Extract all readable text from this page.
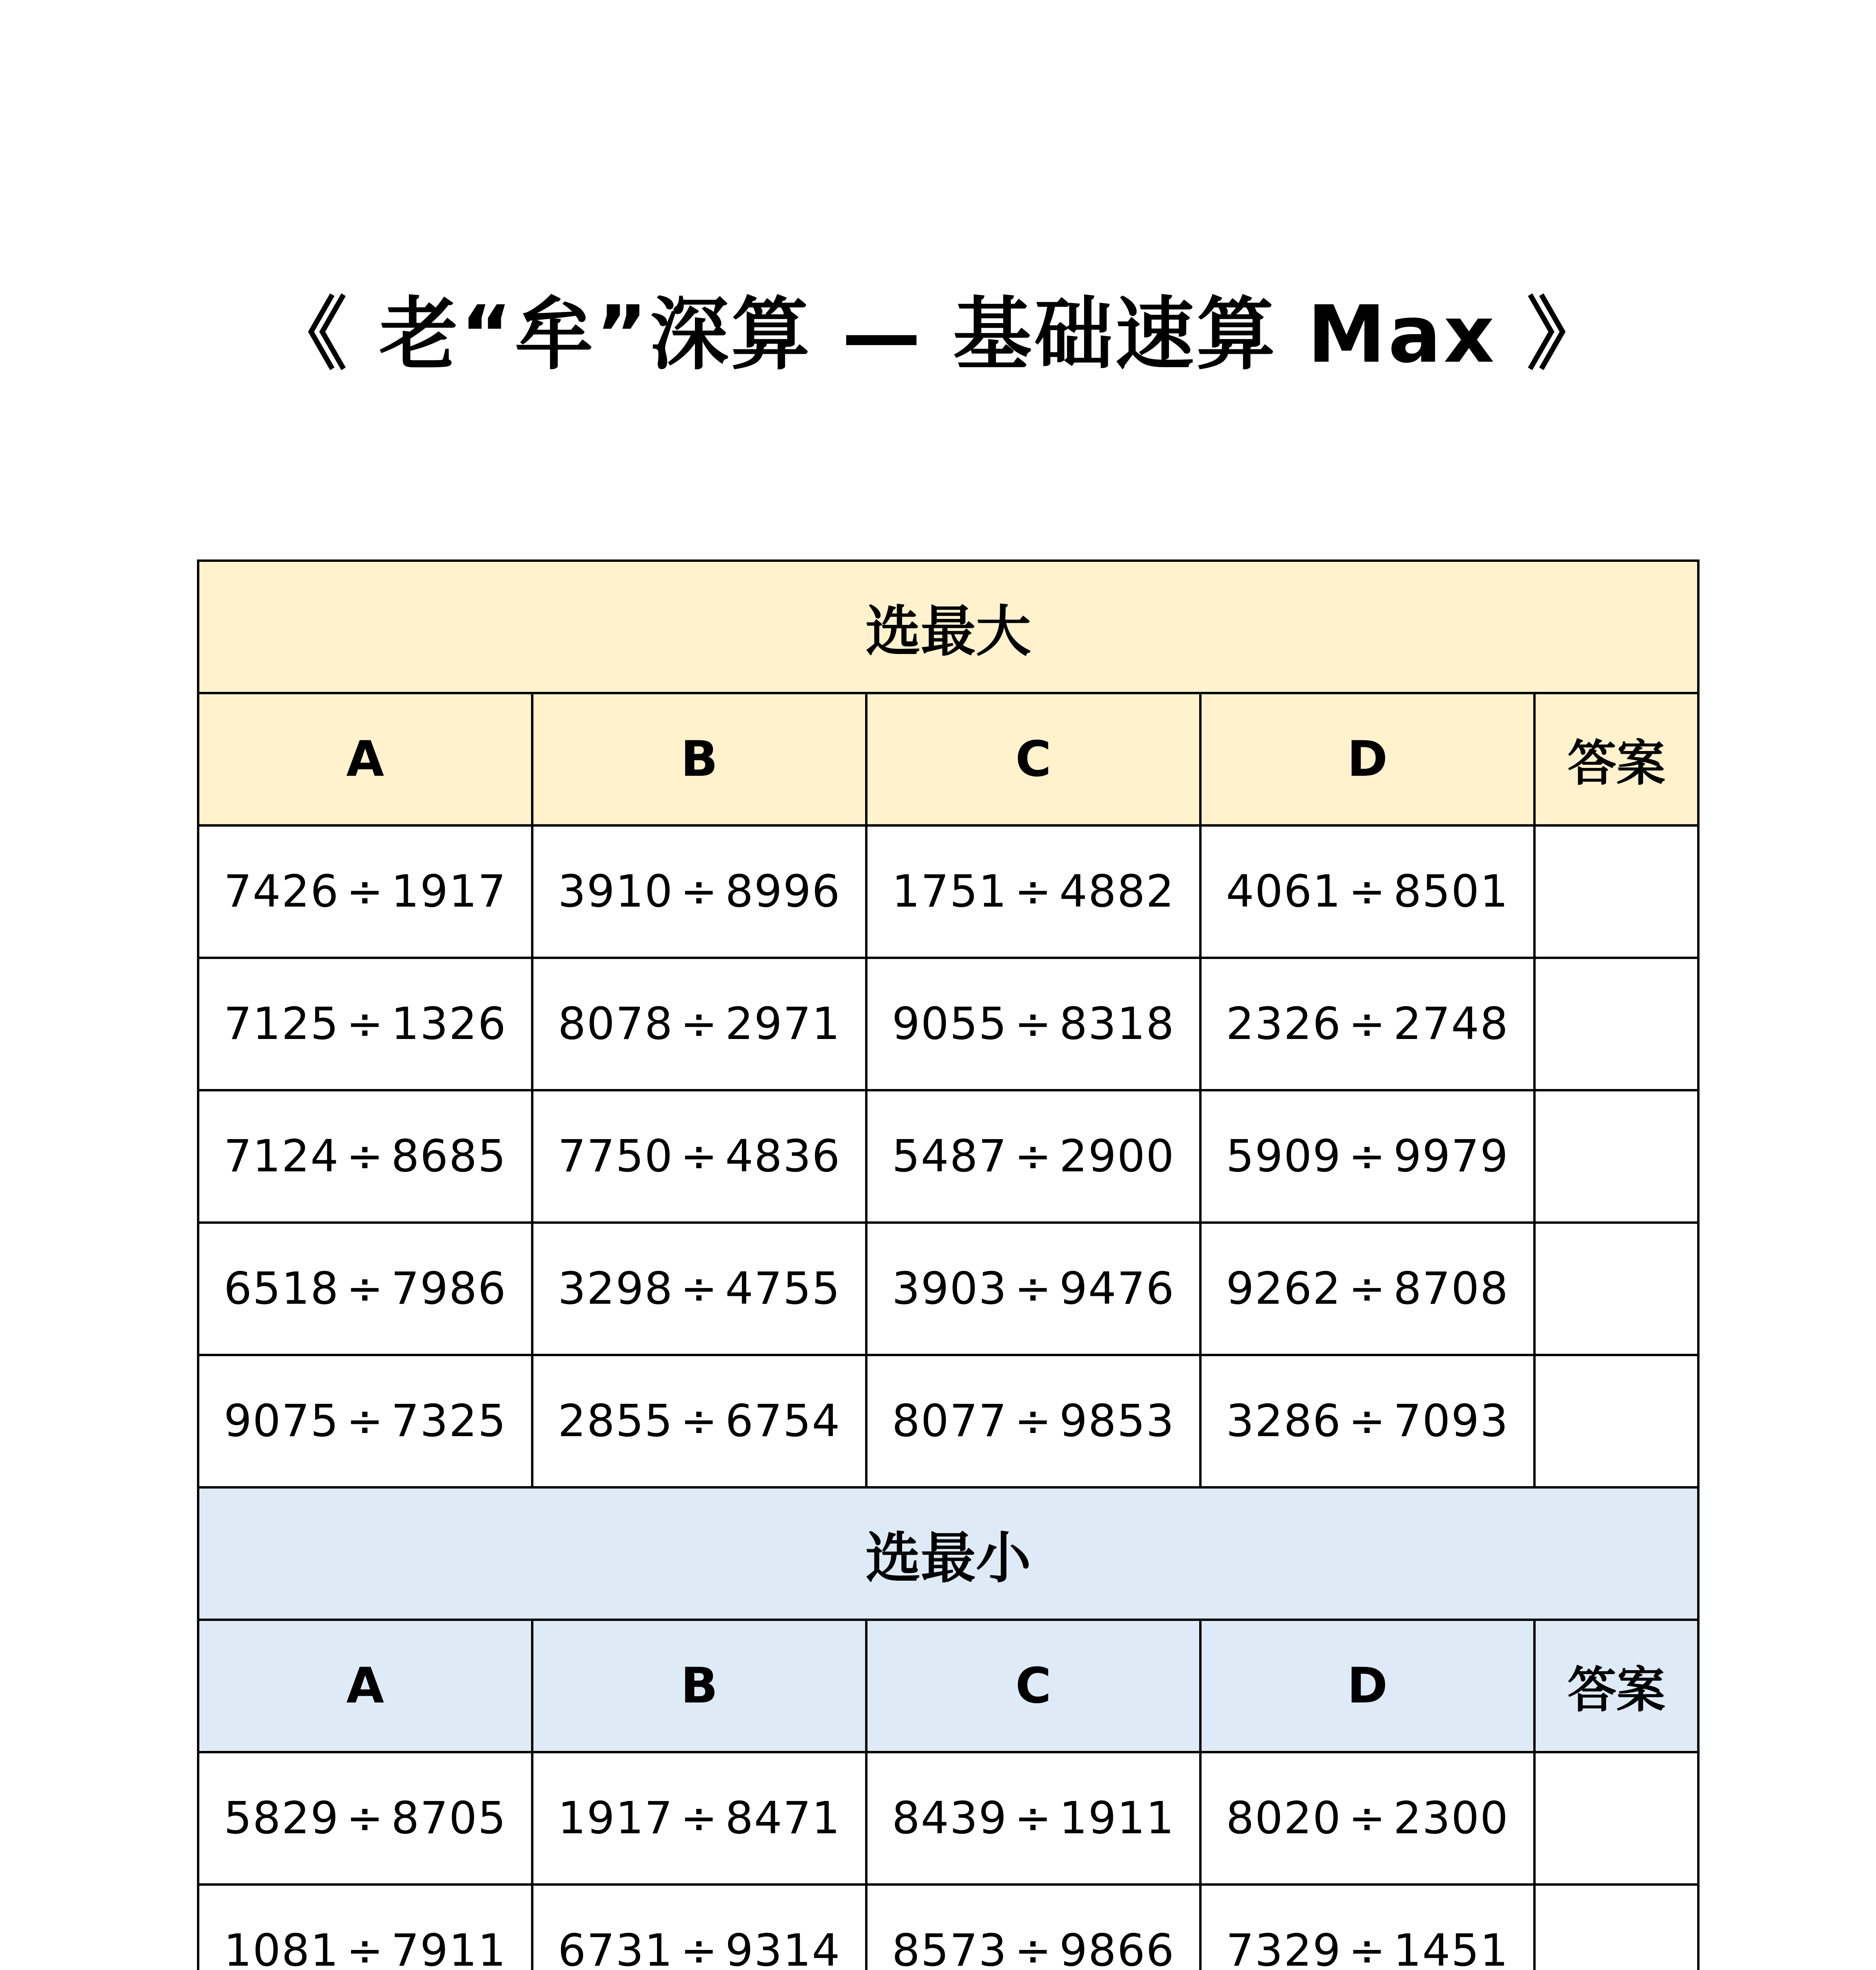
《 老“牟”深算 — 基础速算 Max 》
选最大				
A	B	C	D	答案
7426 ÷ 1917	3910 ÷ 8996	1751 ÷ 4882	4061 ÷ 8501	
7125 ÷ 1326	8078 ÷ 2971	9055 ÷ 8318	2326 ÷ 2748	
7124 ÷ 8685	7750 ÷ 4836	5487 ÷ 2900	5909 ÷ 9979	
6518 ÷ 7986	3298 ÷ 4755	3903 ÷ 9476	9262 ÷ 8708	
9075 ÷ 7325	2855 ÷ 6754	8077 ÷ 9853	3286 ÷ 7093	
选最小				
A	B	C	D	答案
5829 ÷ 8705	1917 ÷ 8471	8439 ÷ 1911	8020 ÷ 2300	
1081 ÷ 7911	6731 ÷ 9314	8573 ÷ 9866	7329 ÷ 1451	
